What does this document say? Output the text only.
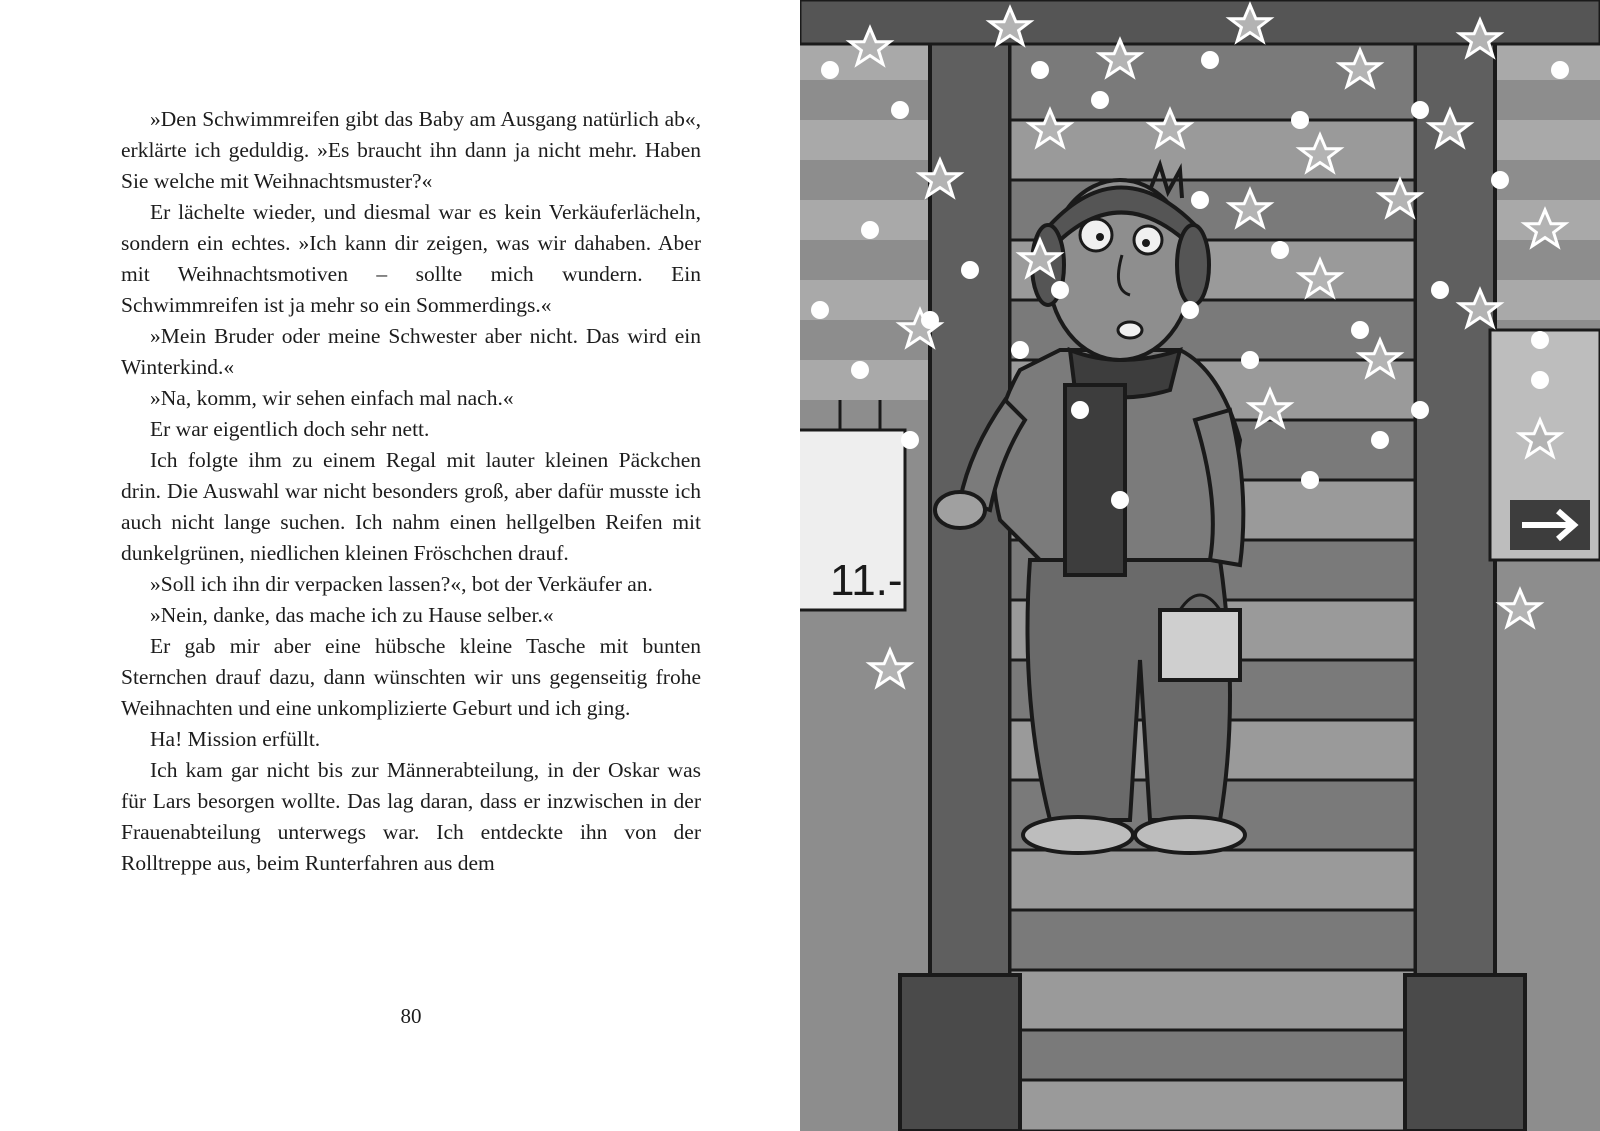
»Den Schwimmreifen gibt das Baby am Ausgang natürlich ab«, erklärte ich geduldig. »Es braucht ihn dann ja nicht mehr. Haben Sie welche mit Weihnachtsmuster?«

Er lächelte wieder, und diesmal war es kein Verkäuferlächeln, sondern ein echtes. »Ich kann dir zeigen, was wir dahaben. Aber mit Weihnachtsmotiven – sollte mich wundern. Ein Schwimmreifen ist ja mehr so ein Sommerdings.«

»Mein Bruder oder meine Schwester aber nicht. Das wird ein Winterkind.«

»Na, komm, wir sehen einfach mal nach.«

Er war eigentlich doch sehr nett.

Ich folgte ihm zu einem Regal mit lauter kleinen Päckchen drin. Die Auswahl war nicht besonders groß, aber dafür musste ich auch nicht lange suchen. Ich nahm einen hellgelben Reifen mit dunkelgrünen, niedlichen kleinen Fröschchen drauf.

»Soll ich ihn dir verpacken lassen?«, bot der Verkäufer an.

»Nein, danke, das mache ich zu Hause selber.«

Er gab mir aber eine hübsche kleine Tasche mit bunten Sternchen drauf dazu, dann wünschten wir uns gegenseitig frohe Weihnachten und eine unkomplizierte Geburt und ich ging.

Ha! Mission erfüllt.

Ich kam gar nicht bis zur Männerabteilung, in der Oskar was für Lars besorgen wollte. Das lag daran, dass er inzwischen in der Frauenabteilung unterwegs war. Ich entdeckte ihn von der Rolltreppe aus, beim Runterfahren aus dem

80
11.-
